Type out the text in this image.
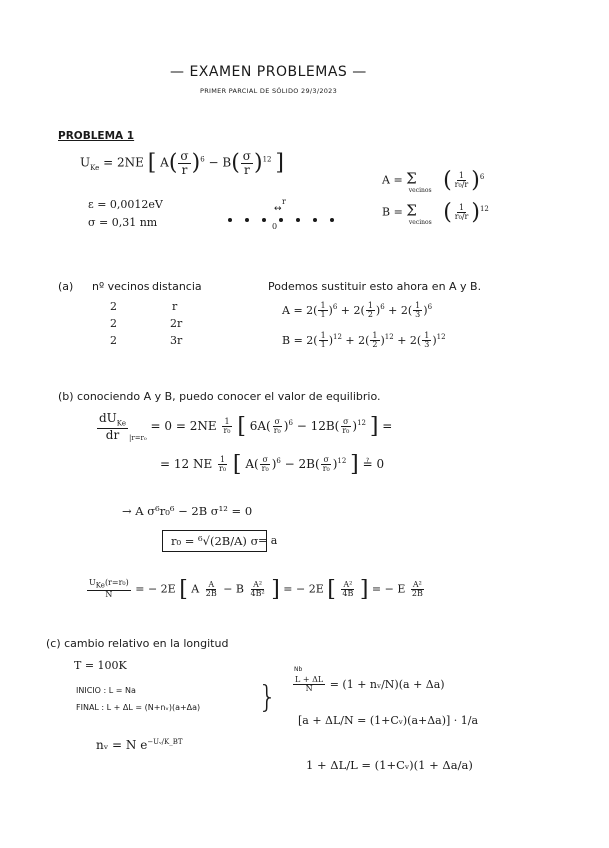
— EXAMEN PROBLEMAS —
PRIMER PARCIAL DE SÓLIDO 29/3/2023
PROBLEMA 1
$U_{Ke} = 2NE$ [ $A( \frac{\sigma}{r} )^6 - B( \frac{\sigma}{r} )^{12}$ ]
$A = \Sigma_{vecinos}$ ( $\frac{1}{\text{r₀/r}} )^6$
$B = \Sigma_{vecinos}$ ( $\frac{1}{\text{r₀/r}} )^{12}$
ε = 0,0012eV
σ = 0,31 nm
r
↔
0
(a) nº vecinos distancia
2	r
2	2r
2	3r
Podemos sustituir esto ahora en A y B.
$A = 2( \frac{1}{1} )^6 + 2( \frac{1}{2} )^6 + 2( \frac{1}{3} )^6$
$B = 2( \frac{1}{1} )^{12} + 2( \frac{1}{2} )^{12} + 2( \frac{1}{3} )^{12}$
(b) conociendo A y B, puedo conocer el valor de equilibrio.
$\frac{dU_{Ke}}{dr} _{|r=r_0} = 0 = 2NE \frac{1}{\text{r₀}}$ [ $6A( \frac{\sigma}{\text{r₀}} )^6 - 12B( \frac{\sigma}{\text{r₀}} )^{12}$ ] =
= 12 NE $\frac{1}{\text{r₀}}$ [ $A( \frac{\sigma}{\text{r₀}} )^6 - 2B( \frac{\sigma}{\text{r₀}} )^{12}$ ] ≟ 0
→ A σ⁶r₀⁶ − 2B σ¹² = 0
r₀ = ⁶√(2B/A) σ = a
$\frac{U_{Ke}(r=r_0)}{N}$ = − 2E [ A $\frac{A}{2B} - B \frac{\text{A²}}{\text{4B²}}$ ] = − 2E [ $\frac{\text{A²}}{4B}$ ] = − E $\frac{\text{A²}}{2B}$
(c) cambio relativo en la longitud
T = 100K
INICIO : L = Na
FINAL : L + ΔL = (N+nᵥ)(a+Δa) }
nᵥ = N $e^{-Uᵥ/K\_BT}$
Nb
$\frac{L + \Delta L}{N} = (1$ + nᵥ/N)(a + Δa)
[a + ΔL/N = (1+Cᵥ)(a+Δa)] · 1/a
1 + ΔL/L = (1+Cᵥ)(1 + Δa/a)
